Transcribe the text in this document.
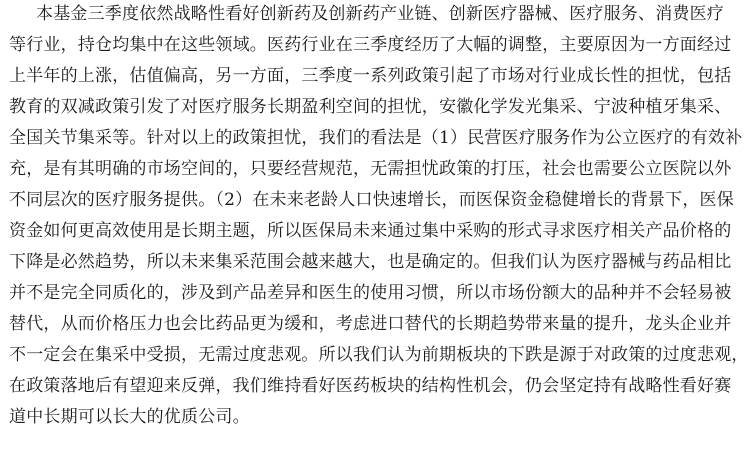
本基金三季度依然战略性看好创新药及创新药产业链、创新医疗器械、医疗服务、消费医疗
等行业，持仓均集中在这些领域。医药行业在三季度经历了大幅的调整，主要原因为一方面经过
上半年的上涨，估值偏高，另一方面，三季度一系列政策引起了市场对行业成长性的担忧，包括
教育的双减政策引发了对医疗服务长期盈利空间的担忧，安徽化学发光集采、宁波种植牙集采、
全国关节集采等。针对以上的政策担忧，我们的看法是（1）民营医疗服务作为公立医疗的有效补
充，是有其明确的市场空间的，只要经营规范，无需担忧政策的打压，社会也需要公立医院以外
不同层次的医疗服务提供。（2）在未来老龄人口快速增长，而医保资金稳健增长的背景下，医保
资金如何更高效使用是长期主题，所以医保局未来通过集中采购的形式寻求医疗相关产品价格的
下降是必然趋势，所以未来集采范围会越来越大，也是确定的。但我们认为医疗器械与药品相比
并不是完全同质化的，涉及到产品差异和医生的使用习惯，所以市场份额大的品种并不会轻易被
替代，从而价格压力也会比药品更为缓和，考虑进口替代的长期趋势带来量的提升，龙头企业并
不一定会在集采中受损，无需过度悲观。所以我们认为前期板块的下跌是源于对政策的过度悲观，
在政策落地后有望迎来反弹，我们维持看好医药板块的结构性机会，仍会坚定持有战略性看好赛
道中长期可以长大的优质公司。
